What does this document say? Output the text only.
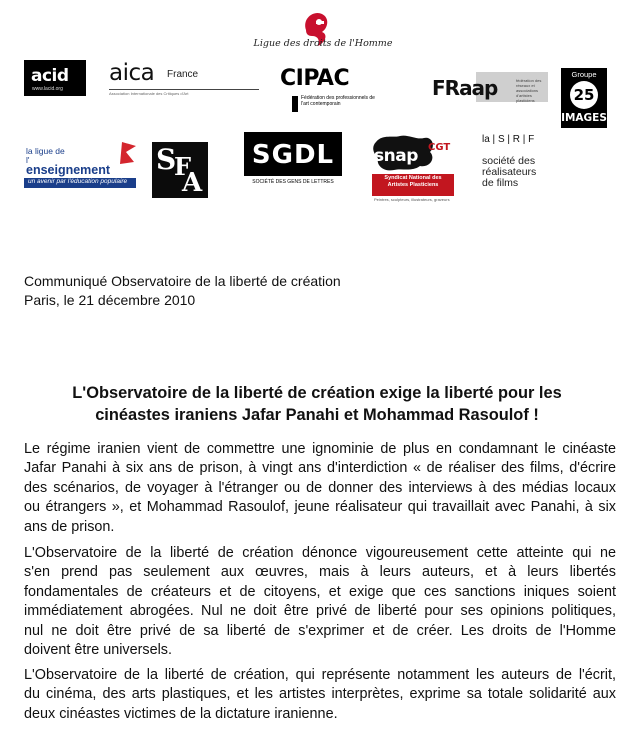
Ligue des droits de l'Homme
acid
www.lacid.org
aica France
Association Internationale des Critiques d'Art
CIPAC
Fédération des professionnels de l'art contemporain
FRaap	fédération des réseaux et associations d'artistes plasticiens
Groupe
25
IMAGES
la ligue de
l'
enseignement
un avenir par l'éducation populaire
S
F
A
SGDL
SOCIÉTÉ DES GENS DE LETTRES
snap CGT
Syndicat National des Artistes Plasticiens
Peintres, sculpteurs, illustrateurs, graveurs
la | S | R | F
société des
réalisateurs
de films
Communiqué Observatoire de la liberté de création
Paris, le 21 décembre 2010
L'Observatoire de la liberté de création exige la liberté pour les
cinéastes iraniens Jafar Panahi et Mohammad Rasoulof !
Le régime iranien vient de commettre une ignominie de plus en condamnant le cinéaste
Jafar Panahi à six ans de prison, à vingt ans d'interdiction « de réaliser des films, d'écrire
des scénarios, de voyager à l'étranger ou de donner des interviews à des médias locaux
ou étrangers », et Mohammad Rasoulof, jeune réalisateur qui travaillait avec Panahi, à six
ans de prison.
L'Observatoire de la liberté de création dénonce vigoureusement cette atteinte qui ne
s'en prend pas seulement aux œuvres, mais à leurs auteurs, et à leurs libertés
fondamentales de créateurs et de citoyens, et exige que ces sanctions iniques soient
immédiatement abrogées. Nul ne doit être privé de liberté pour ses opinions politiques,
nul ne doit être privé de sa liberté de s'exprimer et de créer. Les droits de l'Homme
doivent être universels.
L'Observatoire de la liberté de création, qui représente notamment les auteurs de l'écrit,
du cinéma, des arts plastiques, et les artistes interprètes, exprime sa totale solidarité aux
deux cinéastes victimes de la dictature iranienne.
